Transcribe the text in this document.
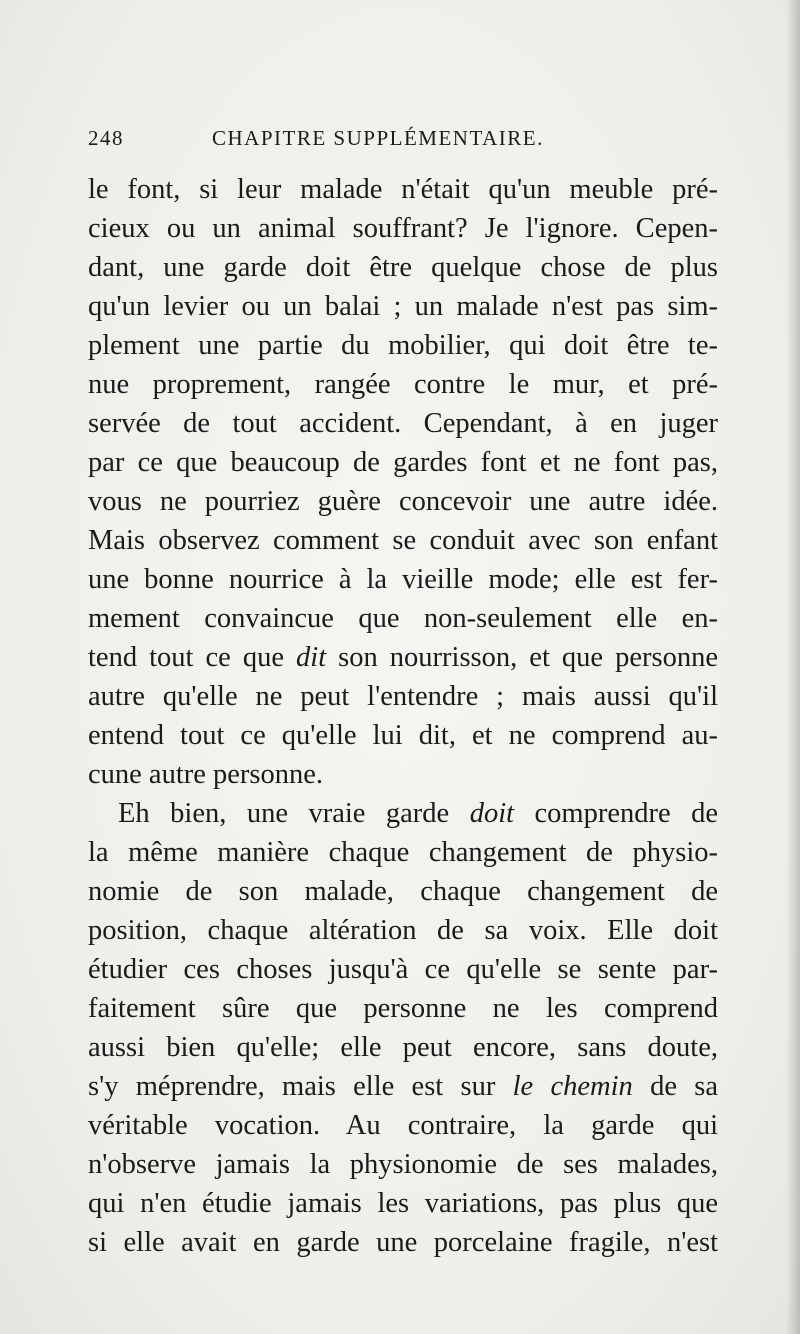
248	CHAPITRE SUPPLÉMENTAIRE.
le font, si leur malade n'était qu'un meuble pré-
cieux ou un animal souffrant? Je l'ignore. Cepen-
dant, une garde doit être quelque chose de plus
qu'un levier ou un balai ; un malade n'est pas sim-
plement une partie du mobilier, qui doit être te-
nue proprement, rangée contre le mur, et pré-
servée de tout accident. Cependant, à en juger
par ce que beaucoup de gardes font et ne font pas,
vous ne pourriez guère concevoir une autre idée.
Mais observez comment se conduit avec son enfant
une bonne nourrice à la vieille mode; elle est fer-
mement convaincue que non-seulement elle en-
tend tout ce que dit son nourrisson, et que personne
autre qu'elle ne peut l'entendre ; mais aussi qu'il
entend tout ce qu'elle lui dit, et ne comprend au-
cune autre personne.
Eh bien, une vraie garde doit comprendre de
la même manière chaque changement de physio-
nomie de son malade, chaque changement de
position, chaque altération de sa voix. Elle doit
étudier ces choses jusqu'à ce qu'elle se sente par-
faitement sûre que personne ne les comprend
aussi bien qu'elle; elle peut encore, sans doute,
s'y méprendre, mais elle est sur le chemin de sa
véritable vocation. Au contraire, la garde qui
n'observe jamais la physionomie de ses malades,
qui n'en étudie jamais les variations, pas plus que
si elle avait en garde une porcelaine fragile, n'est
